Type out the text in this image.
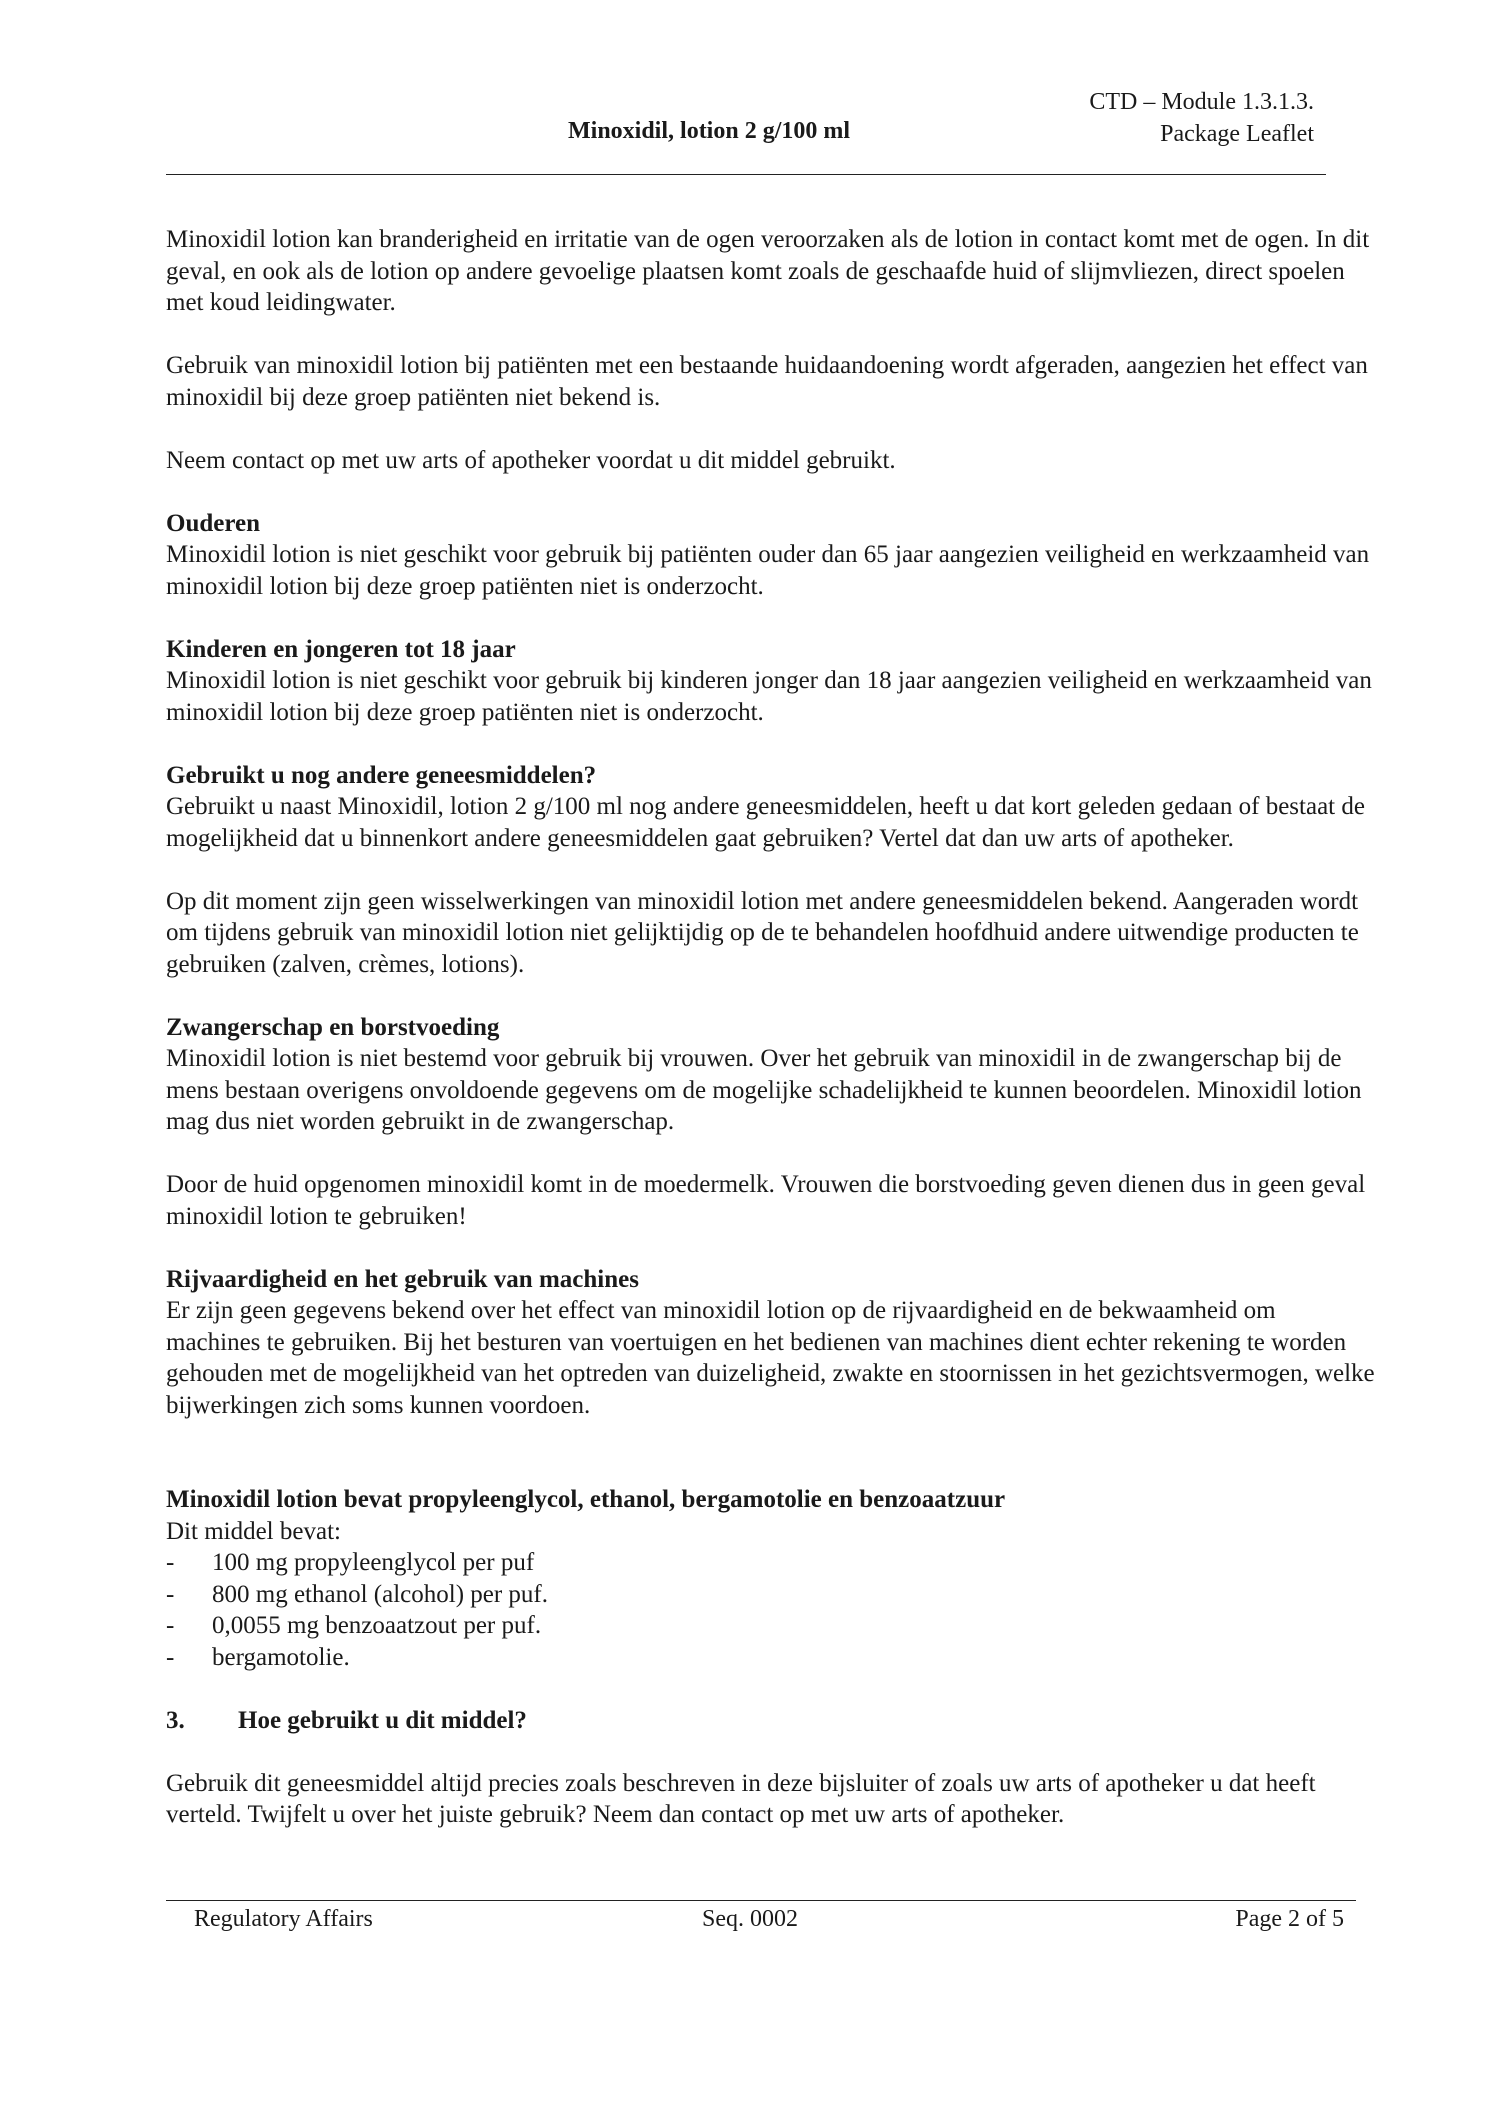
Minoxidil, lotion 2 g/100 ml
CTD – Module 1.3.1.3.
Package Leaflet

Minoxidil lotion kan branderigheid en irritatie van de ogen veroorzaken als de lotion in contact komt met de ogen. In dit geval, en ook als de lotion op andere gevoelige plaatsen komt zoals de geschaafde huid of slijmvliezen, direct spoelen met koud leidingwater.

Gebruik van minoxidil lotion bij patiënten met een bestaande huidaandoening wordt afgeraden, aangezien het effect van minoxidil bij deze groep patiënten niet bekend is.

Neem contact op met uw arts of apotheker voordat u dit middel gebruikt.

Ouderen

Minoxidil lotion is niet geschikt voor gebruik bij patiënten ouder dan 65 jaar aangezien veiligheid en werkzaamheid van minoxidil lotion bij deze groep patiënten niet is onderzocht.

Kinderen en jongeren tot 18 jaar

Minoxidil lotion is niet geschikt voor gebruik bij kinderen jonger dan 18 jaar aangezien veiligheid en werkzaamheid van minoxidil lotion bij deze groep patiënten niet is onderzocht.

Gebruikt u nog andere geneesmiddelen?

Gebruikt u naast Minoxidil, lotion 2 g/100 ml nog andere geneesmiddelen, heeft u dat kort geleden gedaan of bestaat de mogelijkheid dat u binnenkort andere geneesmiddelen gaat gebruiken? Vertel dat dan uw arts of apotheker.

Op dit moment zijn geen wisselwerkingen van minoxidil lotion met andere geneesmiddelen bekend. Aangeraden wordt om tijdens gebruik van minoxidil lotion niet gelijktijdig op de te behandelen hoofdhuid andere uitwendige producten te gebruiken (zalven, crèmes, lotions).

Zwangerschap en borstvoeding

Minoxidil lotion is niet bestemd voor gebruik bij vrouwen. Over het gebruik van minoxidil in de zwangerschap bij de mens bestaan overigens onvoldoende gegevens om de mogelijke schadelijkheid te kunnen beoordelen. Minoxidil lotion mag dus niet worden gebruikt in de zwangerschap.

Door de huid opgenomen minoxidil komt in de moedermelk. Vrouwen die borstvoeding geven dienen dus in geen geval minoxidil lotion te gebruiken!

Rijvaardigheid en het gebruik van machines

Er zijn geen gegevens bekend over het effect van minoxidil lotion op de rijvaardigheid en de bekwaamheid om machines te gebruiken. Bij het besturen van voertuigen en het bedienen van machines dient echter rekening te worden gehouden met de mogelijkheid van het optreden van duizeligheid, zwakte en stoornissen in het gezichtsvermogen, welke bijwerkingen zich soms kunnen voordoen.

Minoxidil lotion bevat propyleenglycol, ethanol, bergamotolie en benzoaatzuur

Dit middel bevat:

-	100 mg propyleenglycol per puf
-	800 mg ethanol (alcohol) per puf.
-	0,0055 mg benzoaatzout per puf.
-	bergamotolie.
3.	Hoe gebruikt u dit middel?

Gebruik dit geneesmiddel altijd precies zoals beschreven in deze bijsluiter of zoals uw arts of apotheker u dat heeft verteld. Twijfelt u over het juiste gebruik? Neem dan contact op met uw arts of apotheker.

Regulatory Affairs	Seq. 0002	Page 2 of 5
